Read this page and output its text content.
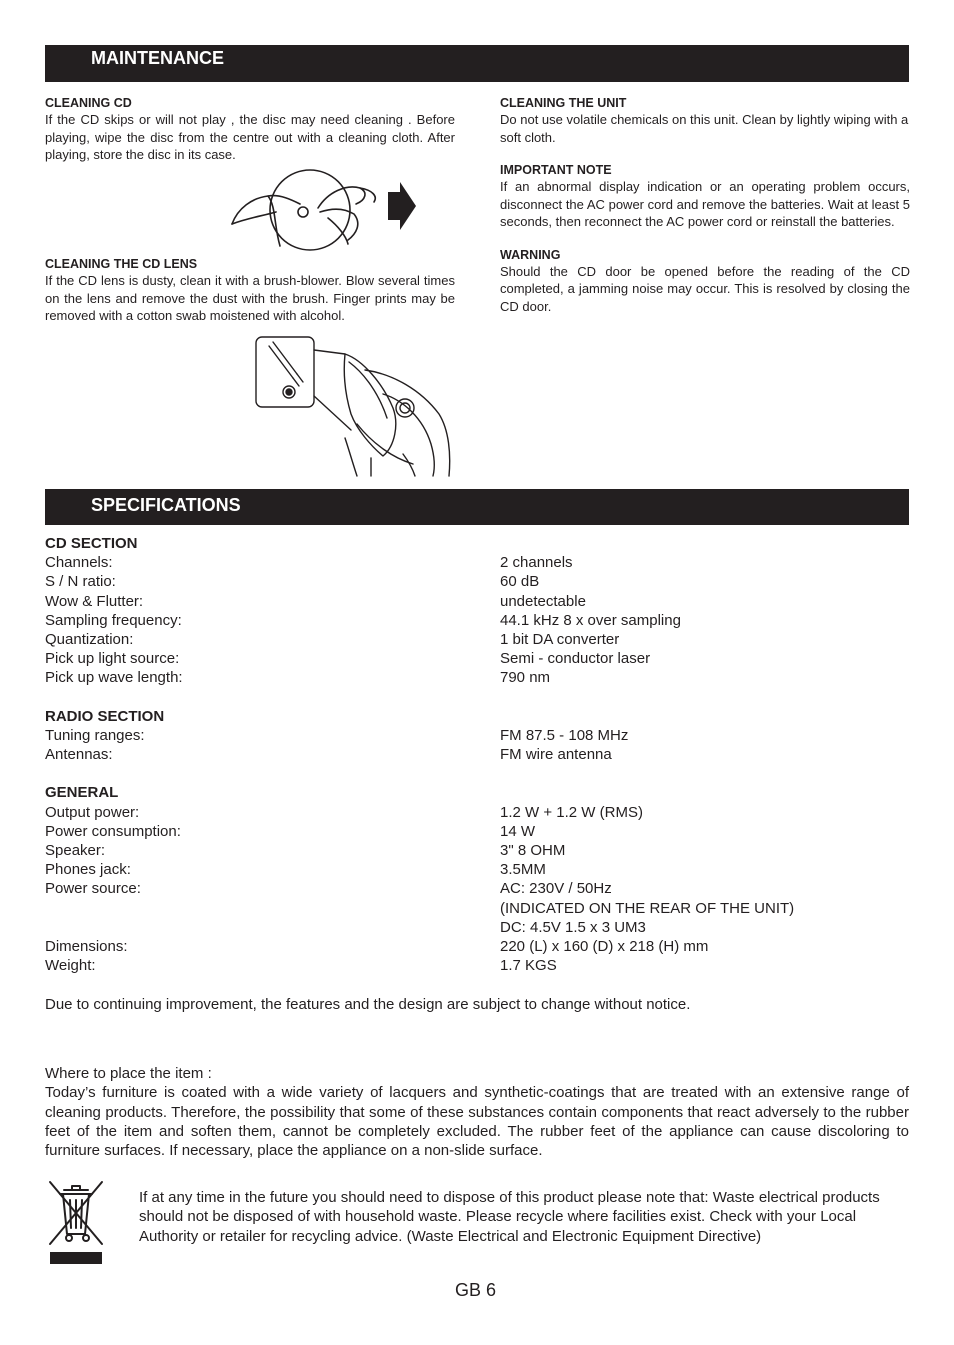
MAINTENANCE

CLEANING CD

If the CD skips or will not play , the disc may need cleaning . Before playing, wipe the disc from the centre out with a cleaning cloth. After playing, store the disc in its case.

CLEANING THE CD LENS

If the CD lens is dusty, clean it with a brush-blower. Blow several times on the lens and remove the dust with the brush. Finger prints may be removed with a cotton swab moistened with alcohol.

CLEANING THE UNIT

Do not use volatile chemicals on this unit. Clean by lightly wiping with a soft cloth.

IMPORTANT NOTE

If an abnormal display indication or an operating problem occurs, disconnect the AC power cord and remove the batteries. Wait at least 5 seconds, then reconnect the AC power cord or reinstall the batteries.

WARNING

Should the CD door be opened before the reading of the CD completed, a jamming noise may occur. This is resolved by closing the CD door.

SPECIFICATIONS
CD SECTION
Channels:	2 channels
S / N ratio:	60 dB
Wow & Flutter:	undetectable
Sampling frequency:	44.1 kHz 8 x over sampling
Quantization:	1 bit DA converter
Pick up light source:	Semi - conductor laser
Pick up wave length:	790 nm
RADIO SECTION
Tuning ranges:	FM 87.5 - 108 MHz
Antennas:	FM wire antenna
GENERAL
Output power:	1.2 W + 1.2 W (RMS)
Power consumption:	14 W
Speaker:	3" 8 OHM
Phones jack:	3.5MM
Power source:	AC: 230V / 50Hz
(INDICATED ON THE REAR OF THE UNIT)
DC: 4.5V 1.5 x 3 UM3
Dimensions:	220 (L) x 160 (D) x 218 (H) mm
Weight:	1.7 KGS
Due to continuing improvement, the features and the design are subject to change without notice.

Where to place the item :

Today’s furniture is coated with a wide variety of lacquers and synthetic-coatings that are treated with an extensive range of cleaning products. Therefore, the possibility that some of these substances contain components that react adversely to the rubber feet of the item and soften them, cannot be completely excluded. The rubber feet of the appliance can cause discoloring to furniture surfaces. If necessary, place the appliance on a non-slide surface.

If at any time in the future you should need to dispose of this product please note that: Waste electrical products should not be disposed of with household waste. Please recycle where facilities exist. Check with your Local Authority or retailer for recycling advice. (Waste Electrical and Electronic Equipment Directive)
GB 6
